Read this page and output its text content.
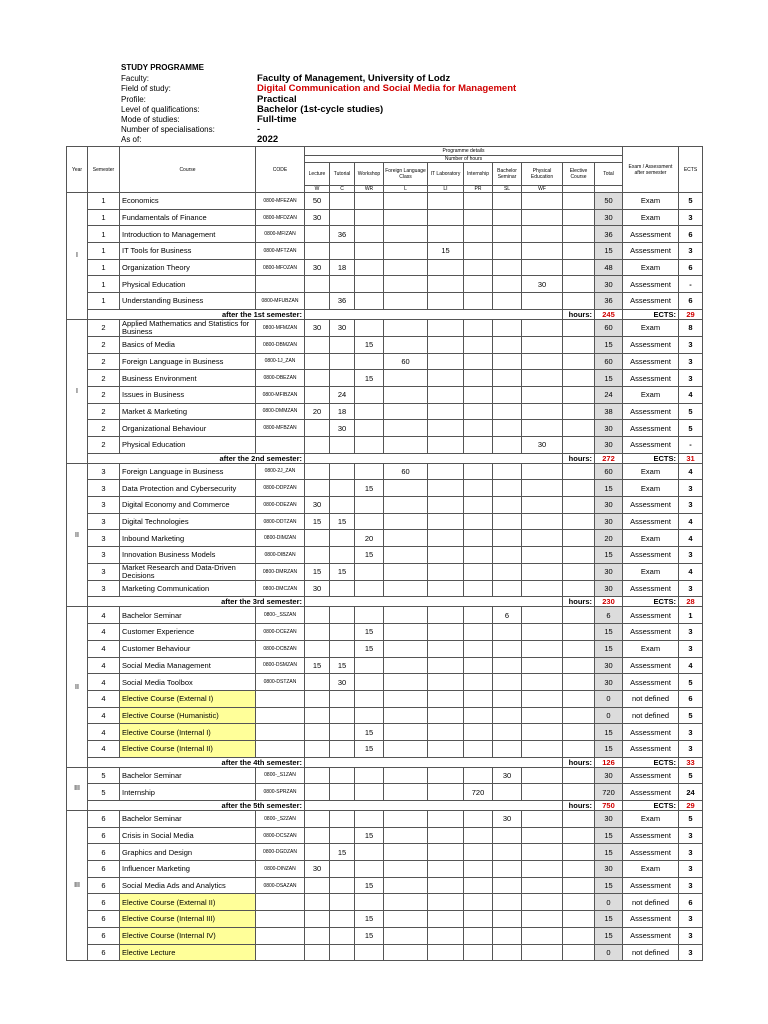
STUDY PROGRAMME
Faculty:	Faculty of Management, University of Lodz
Field of study:	Digital Communication and Social Media for Management
Profile:	Practical
Level of qualifications:	Bachelor (1st-cycle studies)
Mode of studies:	Full-time
Number of specialisations:	-
As of:	2022
Year	Semester	Course	CODE	Programme details										Exam / Assessment after semester	ECTS
				Number of hours											
				Lecture	Tutorial	Workshop	Foreign Language Class	IT Laboratory	Internship	Bachelor Seminar	Physical Education	Elective Course	Total		
				W	C	WR	L	LI	PR	SL	WF				
I	1	Economics	0800-MFEZAN	50									50	Exam	5
	1	Fundamentals of Finance	0800-MFDZAN	30									30	Exam	3
	1	Introduction to Management	0800-MFIZAN		36								36	Assessment	6
	1	IT Tools for Business	0800-MFTZAN					15					15	Assessment	3
	1	Organization Theory	0800-MFOZAN	30	18								48	Exam	6
	1	Physical Education									30		30	Assessment	-
	1	Understanding Business	0800-MFUBZAN		36								36	Assessment	6
	after the 1st semester:											hours:	245	ECTS:	29
I	2	Applied Mathematics and Statistics for Business	0800-MFMZAN	30	30								60	Exam	8
	2	Basics of Media	0800-DBMZAN			15							15	Assessment	3
	2	Foreign Language in Business	0800-1J_ZAN				60						60	Assessment	3
	2	Business Environment	0800-DBEZAN			15							15	Assessment	3
	2	Issues in Business	0800-MFIBZAN		24								24	Exam	4
	2	Market & Marketing	0800-DMMZAN	20	18								38	Assessment	5
	2	Organizational Behaviour	0800-MFBZAN		30								30	Assessment	5
	2	Physical Education									30		30	Assessment	-
	after the 2nd semester:											hours:	272	ECTS:	31
II	3	Foreign Language in Business	0800-2J_ZAN				60						60	Exam	4
	3	Data Protection and Cybersecurity	0800-DDPZAN			15							15	Exam	3
	3	Digital Economy and Commerce	0800-DDEZAN	30									30	Assessment	3
	3	Digital Technologies	0800-DDTZAN	15	15								30	Assessment	4
	3	Inbound Marketing	0800-DIMZAN			20							20	Exam	4
	3	Innovation Business Models	0800-DIBZAN			15							15	Assessment	3
	3	Market Research and Data-Driven Decisions	0800-DMRZAN	15	15								30	Exam	4
	3	Marketing Communication	0800-DMCZAN	30									30	Assessment	3
	after the 3rd semester:											hours:	230	ECTS:	28
II	4	Bachelor Seminar	0800-_SSZAN							6			6	Assessment	1
	4	Customer Experience	0800-DCEZAN			15							15	Assessment	3
	4	Customer Behaviour	0800-DCBZAN			15							15	Exam	3
	4	Social Media Management	0800-DSMZAN	15	15								30	Assessment	4
	4	Social Media Toolbox	0800-DSTZAN		30								30	Assessment	5
	4	Elective Course (External I)											0	not defined	6
	4	Elective Course (Humanistic)											0	not defined	5
	4	Elective Course (Internal I)				15							15	Assessment	3
	4	Elective Course (Internal II)				15							15	Assessment	3
	after the 4th semester:											hours:	126	ECTS:	33
III	5	Bachelor Seminar	0800-_S1ZAN							30			30	Assessment	5
	5	Internship	0800-SPRZAN						720				720	Assessment	24
	after the 5th semester:											hours:	750	ECTS:	29
III	6	Bachelor Seminar	0800-_S2ZAN							30			30	Exam	5
	6	Crisis in Social Media	0800-DCSZAN			15							15	Assessment	3
	6	Graphics and Design	0800-DGDZAN		15								15	Assessment	3
	6	Influencer Marketing	0800-DINZAN	30									30	Exam	3
	6	Social Media Ads and Analytics	0800-DSAZAN			15							15	Assessment	3
	6	Elective Course (External II)											0	not defined	6
	6	Elective Course (Internal III)				15							15	Assessment	3
	6	Elective Course (Internal IV)				15							15	Assessment	3
	6	Elective Lecture											0	not defined	3
